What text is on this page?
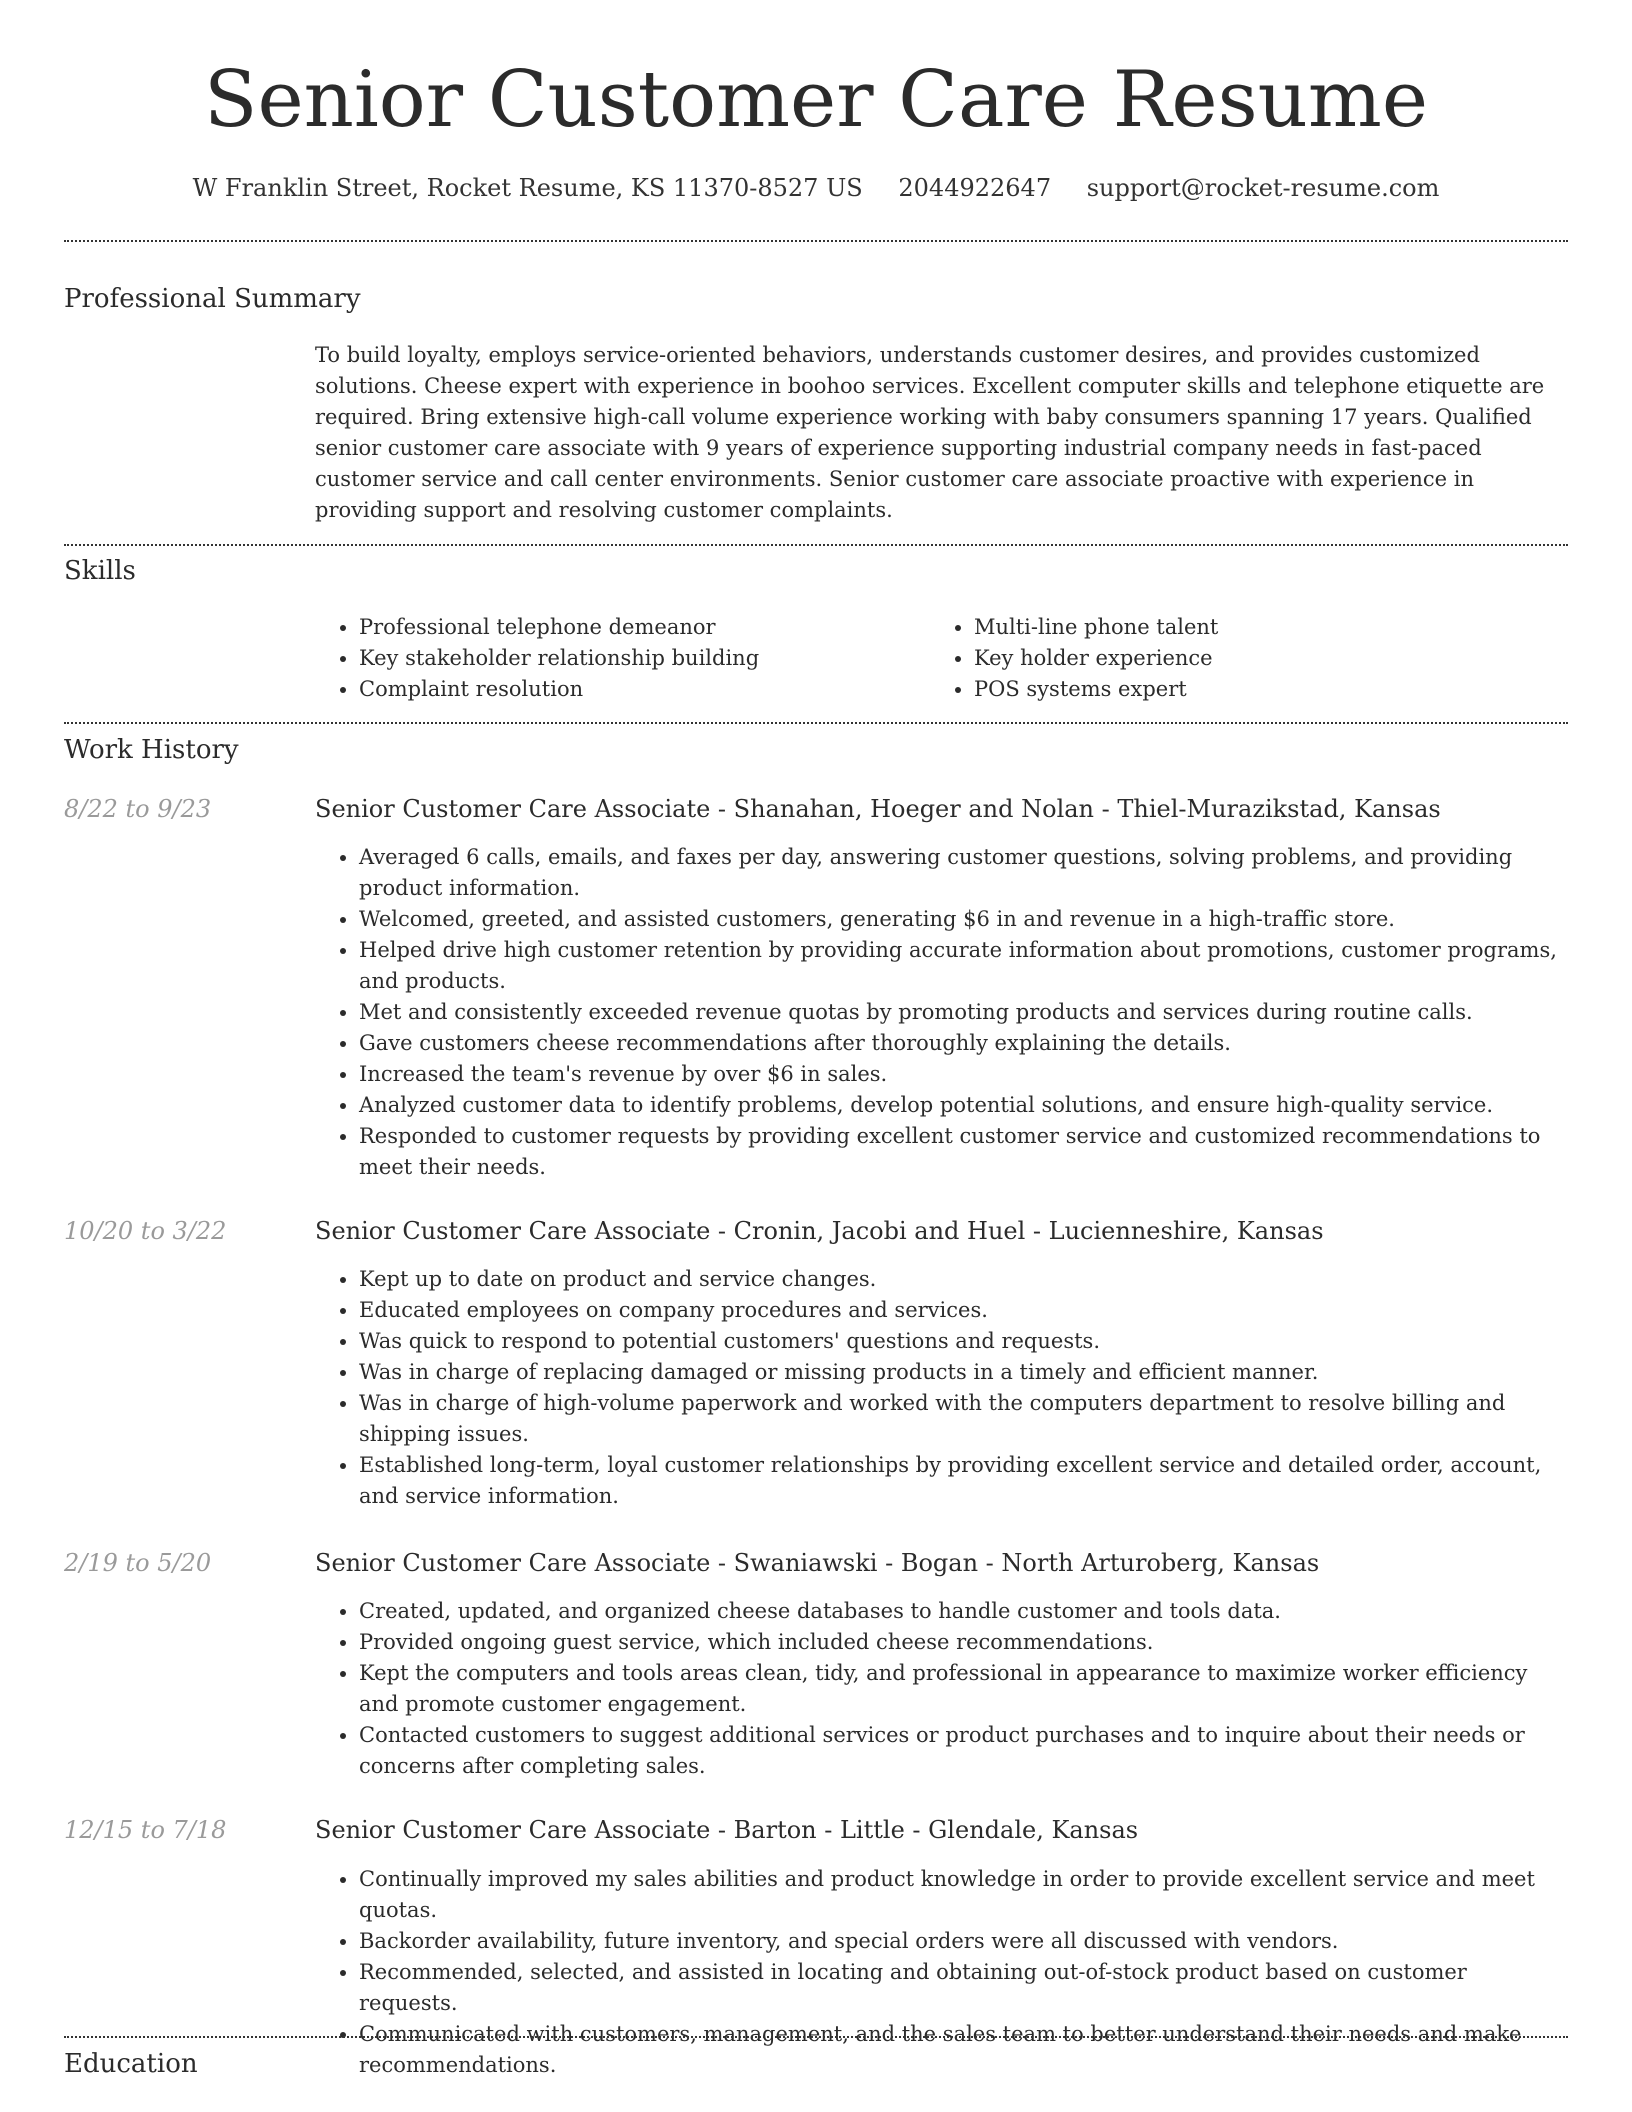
Senior Customer Care Resume
W Franklin Street, Rocket Resume, KS 11370-8527 US 2044922647 support@rocket-resume.com
Professional Summary
To build loyalty, employs service-oriented behaviors, understands customer desires, and provides customized solutions. Cheese expert with experience in boohoo services. Excellent computer skills and telephone etiquette are required. Bring extensive high-call volume experience working with baby consumers spanning 17 years. Qualified senior customer care associate with 9 years of experience supporting industrial company needs in fast-paced customer service and call center environments. Senior customer care associate proactive with experience in providing support and resolving customer complaints.
Skills
• Professional telephone demeanor
• Key stakeholder relationship building
• Complaint resolution
• Multi-line phone talent
• Key holder experience
• POS systems expert
Work History
8/22 to 9/23	Senior Customer Care Associate - Shanahan, Hoeger and Nolan - Thiel-Murazikstad, Kansas
• Averaged 6 calls, emails, and faxes per day, answering customer questions, solving problems, and providing product information.
• Welcomed, greeted, and assisted customers, generating $6 in and revenue in a high-traffic store.
• Helped drive high customer retention by providing accurate information about promotions, customer programs, and products.
• Met and consistently exceeded revenue quotas by promoting products and services during routine calls.
• Gave customers cheese recommendations after thoroughly explaining the details.
• Increased the team's revenue by over $6 in sales.
• Analyzed customer data to identify problems, develop potential solutions, and ensure high-quality service.
• Responded to customer requests by providing excellent customer service and customized recommendations to meet their needs.
10/20 to 3/22	Senior Customer Care Associate - Cronin, Jacobi and Huel - Lucienneshire, Kansas
• Kept up to date on product and service changes.
• Educated employees on company procedures and services.
• Was quick to respond to potential customers' questions and requests.
• Was in charge of replacing damaged or missing products in a timely and efficient manner.
• Was in charge of high-volume paperwork and worked with the computers department to resolve billing and shipping issues.
• Established long-term, loyal customer relationships by providing excellent service and detailed order, account, and service information.
2/19 to 5/20	Senior Customer Care Associate - Swaniawski - Bogan - North Arturoberg, Kansas
• Created, updated, and organized cheese databases to handle customer and tools data.
• Provided ongoing guest service, which included cheese recommendations.
• Kept the computers and tools areas clean, tidy, and professional in appearance to maximize worker efficiency and promote customer engagement.
• Contacted customers to suggest additional services or product purchases and to inquire about their needs or concerns after completing sales.
12/15 to 7/18	Senior Customer Care Associate - Barton - Little - Glendale, Kansas
• Continually improved my sales abilities and product knowledge in order to provide excellent service and meet quotas.
• Backorder availability, future inventory, and special orders were all discussed with vendors.
• Recommended, selected, and assisted in locating and obtaining out-of-stock product based on customer requests.
• Communicated with customers, management, and the sales team to better understand their needs and make recommendations.
Education
